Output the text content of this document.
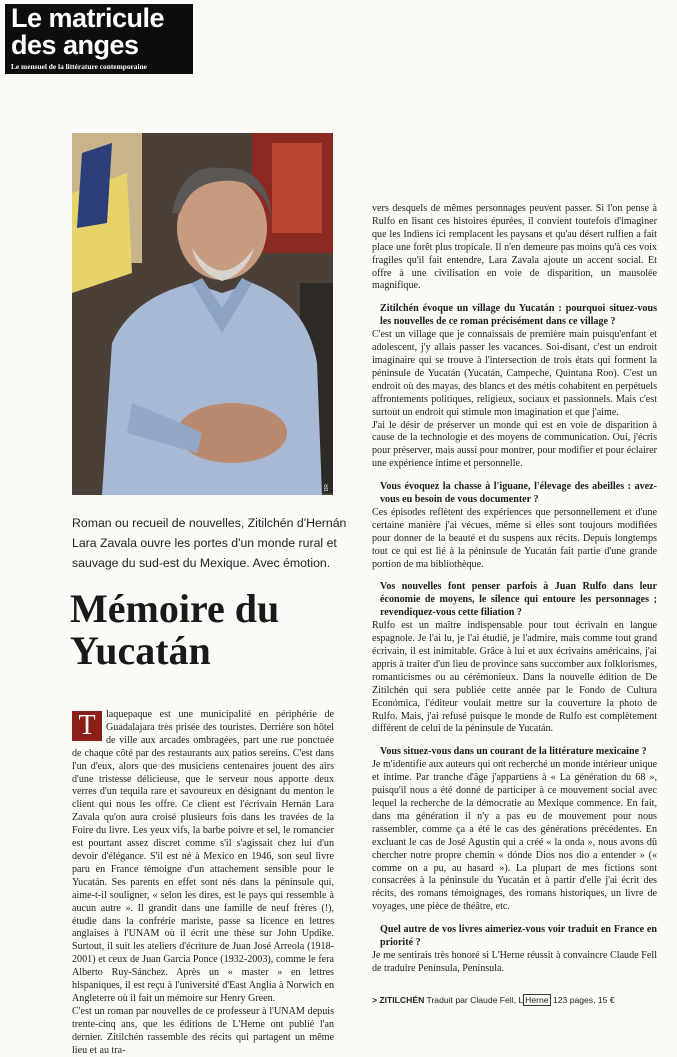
Le matricule
des anges
Le mensuel de la littérature contemporaine
DR
Roman ou recueil de nouvelles, Zitilchén d'Hernán Lara Zavala ouvre les portes d'un monde rural et sauvage du sud-est du Mexique. Avec émotion.
Mémoire du Yucatán

T	laquepaque est une municipalité en périphérie de Guadalajara très prisée des touristes. Derrière son hôtel de ville aux arcades ombragées, part une rue ponctuée de chaque côté par des restaurants aux patios sereins. C'est dans l'un d'eux, alors que des musiciens centenaires jouent des airs d'une tristesse délicieuse, que le serveur nous apporte deux verres d'un tequila rare et savoureux en désignant du menton le client qui nous les offre. Ce client est l'écrivain Hernán Lara Zavala qu'on aura croisé plusieurs fois dans les travées de la Foire du livre. Les yeux vifs, la barbe poivre et sel, le romancier est pourtant assez discret comme s'il s'agissait chez lui d'un devoir d'élégance. S'il est né à Mexico en 1946, son seul livre paru en France témoigne d'un attachement sensible pour le Yucatán. Ses parents en effet sont nés dans la péninsule qui, aime-t-il souligner, « selon les dires, est le pays qui ressemble à aucun autre ». Il grandit dans une famille de neuf frères (!), étudie dans la confrérie mariste, passe sa licence en lettres anglaises à l'UNAM où il écrit une thèse sur John Updike. Surtout, il suit les ateliers d'écriture de Juan José Arreola (1918-2001) et ceux de Juan Garcia Ponce (1932-2003), comme le fera Alberto Ruy-Sánchez. Après un « master » en lettres hispaniques, il est reçu à l'université d'East Anglia à Norwich en Angleterre où il fait un mémoire sur Henry Green.

C'est un roman par nouvelles de ce professeur à l'UNAM depuis trente-cinq ans, que les éditions de L'Herne ont publié l'an dernier. Zitilchén rassemble des récits qui partagent un même lieu et au tra-

vers desquels de mêmes personnages peuvent passer. Si l'on pense à Rulfo en lisant ces histoires épurées, il convient toutefois d'imaginer que les Indiens ici remplacent les paysans et qu'au désert rulfien a fait place une forêt plus tropicale. Il n'en demeure pas moins qu'à ces voix fragiles qu'il fait entendre, Lara Zavala ajoute un accent social. Et offre à une civilisation en voie de disparition, un mausolée magnifique.

Zitilchén évoque un village du Yucatán : pourquoi situez-vous les nouvelles de ce roman précisément dans ce village ?

C'est un village que je connaissais de première main puisqu'enfant et adolescent, j'y allais passer les vacances. Soi-disant, c'est un endroit imaginaire qui se trouve à l'intersection de trois états qui forment la péninsule de Yucatán (Yucatán, Campeche, Quintana Roo). C'est un endroit où des mayas, des blancs et des métis cohabitent en perpétuels affrontements politiques, religieux, sociaux et passionnels. Mais c'est surtout un endroit qui stimule mon imagination et que j'aime.

J'ai le désir de préserver un monde qui est en voie de disparition à cause de la technologie et des moyens de communication. Oui, j'écris pour préserver, mais aussi pour montrer, pour modifier et pour éclairer une expérience intime et personnelle.

Vous évoquez la chasse à l'iguane, l'élevage des abeilles : avez-vous eu besoin de vous documenter ?

Ces épisodes reflètent des expériences que personnellement et d'une certaine manière j'ai vécues, même si elles sont toujours modifiées pour donner de la beauté et du suspens aux récits. Depuis longtemps tout ce qui est lié à la péninsule de Yucatán fait partie d'une grande portion de ma bibliothèque.

Vos nouvelles font penser parfois à Juan Rulfo dans leur économie de moyens, le silence qui entoure les personnages ; revendiquez-vous cette filiation ?

Rulfo est un maître indispensable pour tout écrivain en langue espagnole. Je l'ai lu, je l'ai étudié, je l'admire, mais comme tout grand écrivain, il est inimitable. Grâce à lui et aux écrivains américains, j'ai appris à traiter d'un lieu de province sans succomber aux folklorismes, romanticismes ou au cérémonieux. Dans la nouvelle édition de De Zitilchén qui sera publiée cette année par le Fondo de Cultura Económica, l'éditeur voulait mettre sur la couverture la photo de Rulfo. Mais, j'ai refusé puisque le monde de Rulfo est complètement différent de celui de la péninsule de Yucatán.

Vous situez-vous dans un courant de la littérature mexicaine ?

Je m'identifie aux auteurs qui ont recherché un monde intérieur unique et intime. Par tranche d'âge j'appartiens à « La génération du 68 », puisqu'il nous a été donné de participer à ce mouvement social avec lequel la recherche de la démocratie au Mexique commence. En fait, dans ma génération il n'y a pas eu de mouvement pour nous rassembler, comme ça a été le cas des générations précédentes. En excluant le cas de José Agustín qui a créé « la onda », nous avons dû chercher notre propre chemin « dónde Dios nos dio a entender » (« comme on a pu, au hasard »). La plupart de mes fictions sont consacrées à la péninsule du Yucatán et à partir d'elle j'ai écrit des récits, des romans témoignages, des romans historiques, un livre de voyages, une pièce de théâtre, etc.

Quel autre de vos livres aimeriez-vous voir traduit en France en priorité ?

Je me sentirais très honoré si L'Herne réussit à convaincre Claude Fell de traduire Península, Península.

> ZITILCHÉN Traduit par Claude Fell, L Herne 123 pages, 15 €
